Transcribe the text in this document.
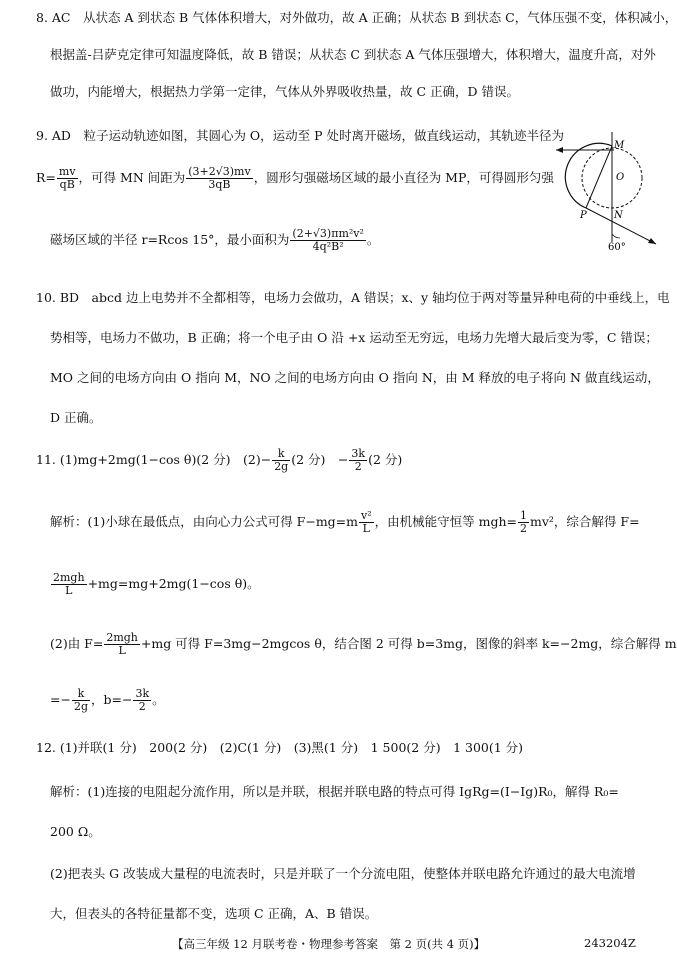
8. AC　从状态 A 到状态 B 气体体积增大，对外做功，故 A 正确；从状态 B 到状态 C，气体压强不变，体积减小，
根据盖-吕萨克定律可知温度降低，故 B 错误；从状态 C 到状态 A 气体压强增大，体积增大，温度升高，对外
做功，内能增大，根据热力学第一定律，气体从外界吸收热量，故 C 正确，D 错误。
9. AD　粒子运动轨迹如图，其圆心为 O，运动至 P 处时离开磁场，做直线运动，其轨迹半径为
$R= \frac{mv}{qB}$ ，可得 MN 间距为 $\frac{(3+2√3)mv}{3qB}$ ，圆形匀强磁场区域的最小直径为 MP，可得圆形匀强
磁场区域的半径 r=Rcos 15°，最小面积为 $\frac{\text{(2+√3)πm²v²}}{\text{4q²B²}}$ 。
M
O
P	N
60°
10. BD　abcd 边上电势并不全都相等，电场力会做功，A 错误；x、y 轴均位于两对等量异种电荷的中垂线上，电
势相等，电场力不做功，B 正确；将一个电子由 O 沿 +x 运动至无穷远，电场力先增大最后变为零，C 错误；
MO 之间的电场方向由 O 指向 M，NO 之间的电场方向由 O 指向 N，由 M 释放的电子将向 N 做直线运动，
D 正确。
11. (1)mg+2mg(1−cos θ)(2 分)　$(2)- \frac{k}{2g} (2$ 分)　− $\frac{3k}{2} (2$ 分)
解析：(1)小球在最低点，由向心力公式可得 $F-mg=m \frac{\text{v²}}{L}$ ，由机械能守恒等 $mgh= \frac{1}{2} mv^2$，综合解得 F=
$\frac{\text{2mgh}}{L} +mg=mg+2mg(1-\cos$ θ)。
(2)由 $F= \frac{\text{2mgh}}{L} +mg$ 可得 F=3mg−2mgcos θ，结合图 2 可得 b=3mg，图像的斜率 k=−2mg，综合解得 m
=− $\frac{k}{2g}$ ，$b=- \frac{3k}{2}$ 。
12. (1)并联(1 分)　200(2 分)　(2)C(1 分)　(3)黑(1 分)　1 500(2 分)　1 300(1 分)
解析：(1)连接的电阻起分流作用，所以是并联，根据并联电路的特点可得 IgRg=(I−Ig)R₀，解得 R₀=
200 Ω。
(2)把表头 G 改装成大量程的电流表时，只是并联了一个分流电阻，使整体并联电路允许通过的最大电流增
大，但表头的各特征量都不变，选项 C 正确，A、B 错误。
【高三年级 12 月联考卷・物理参考答案　第 2 页(共 4 页)】	243204Z
